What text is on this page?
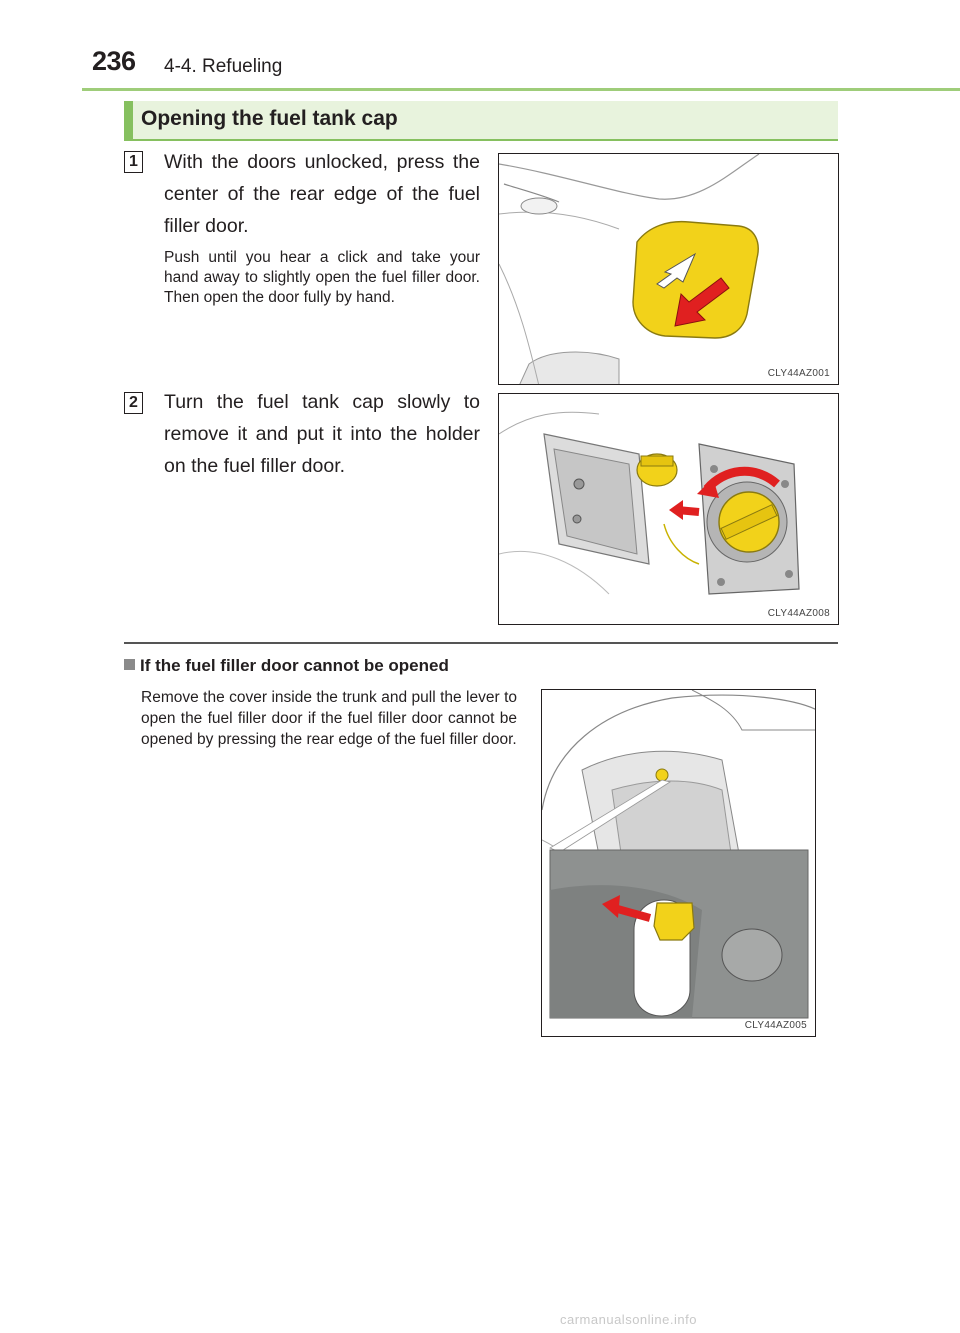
236 4-4. Refueling
Opening the fuel tank cap
1 With the doors unlocked, press the center of the rear edge of the fuel filler door.
Push until you hear a click and take your hand away to slightly open the fuel filler door. Then open the door fully by hand.
CLY44AZ001
2 Turn the fuel tank cap slowly to remove it and put it into the holder on the fuel filler door.
CLY44AZ008
If the fuel filler door cannot be opened
Remove the cover inside the trunk and pull the lever to open the fuel filler door if the fuel filler door cannot be opened by pressing the rear edge of the fuel filler door.
CLY44AZ005
carmanualsonline.info
